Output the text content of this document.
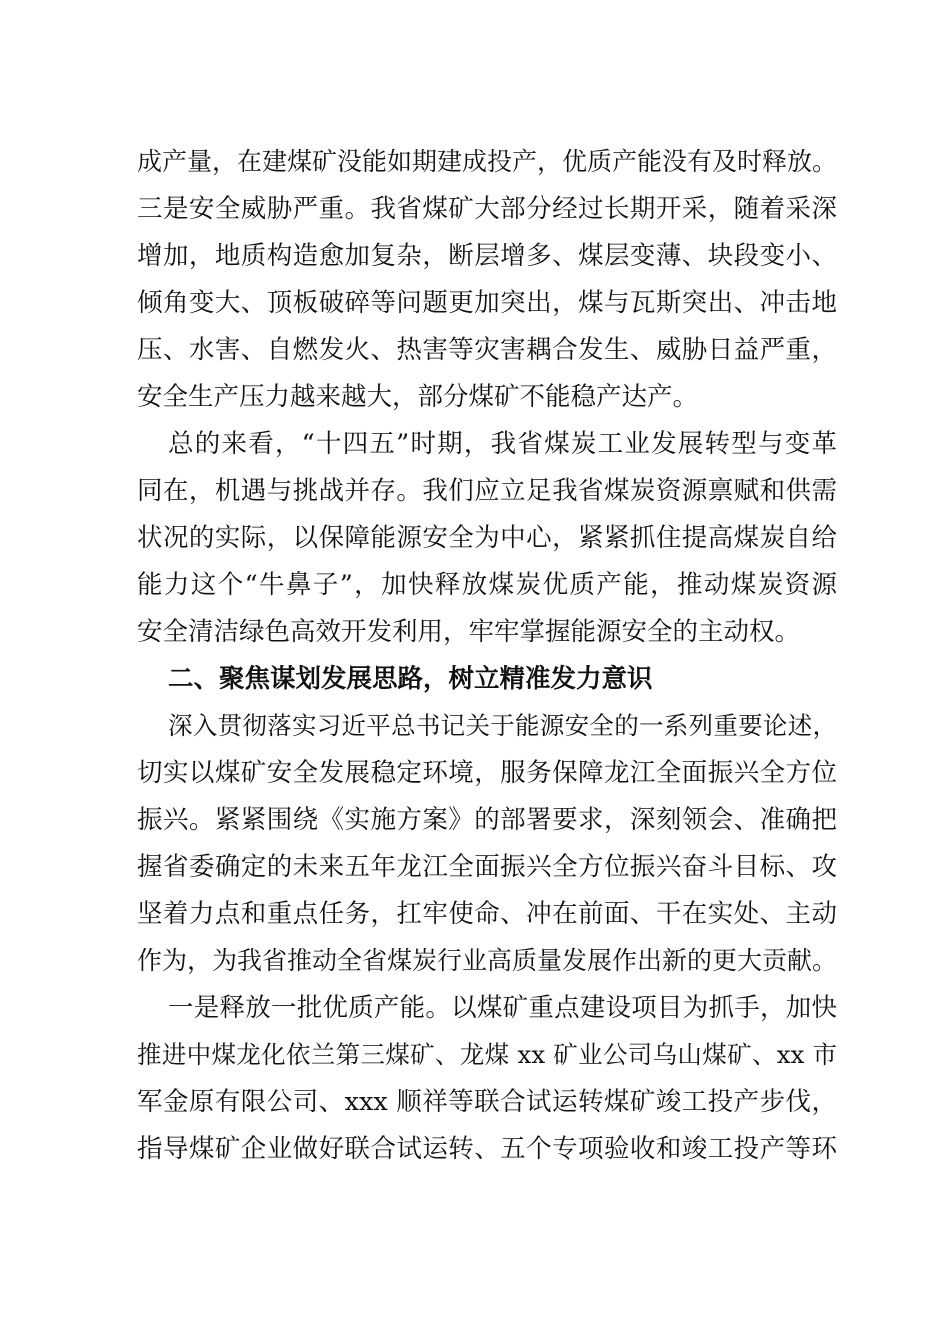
成产量，在建煤矿没能如期建成投产，优质产能没有及时释放。
三是安全威胁严重。我省煤矿大部分经过长期开采，随着采深
增加，地质构造愈加复杂，断层增多、煤层变薄、块段变小、
倾角变大、顶板破碎等问题更加突出，煤与瓦斯突出、冲击地
压、水害、自燃发火、热害等灾害耦合发生、威胁日益严重，
安全生产压力越来越大，部分煤矿不能稳产达产。
总的来看，“十四五”时期，我省煤炭工业发展转型与变革
同在，机遇与挑战并存。我们应立足我省煤炭资源禀赋和供需
状况的实际，以保障能源安全为中心，紧紧抓住提高煤炭自给
能力这个“牛鼻子”，加快释放煤炭优质产能，推动煤炭资源
安全清洁绿色高效开发利用，牢牢掌握能源安全的主动权。
二、聚焦谋划发展思路，树立精准发力意识
深入贯彻落实习近平总书记关于能源安全的一系列重要论述，
切实以煤矿安全发展稳定环境，服务保障龙江全面振兴全方位
振兴。紧紧围绕《实施方案》的部署要求，深刻领会、准确把
握省委确定的未来五年龙江全面振兴全方位振兴奋斗目标、攻
坚着力点和重点任务，扛牢使命、冲在前面、干在实处、主动
作为，为我省推动全省煤炭行业高质量发展作出新的更大贡献。
一是释放一批优质产能。以煤矿重点建设项目为抓手，加快
推进中煤龙化依兰第三煤矿、龙煤 xx 矿业公司乌山煤矿、xx 市
军金原有限公司、xxx 顺祥等联合试运转煤矿竣工投产步伐，
指导煤矿企业做好联合试运转、五个专项验收和竣工投产等环
